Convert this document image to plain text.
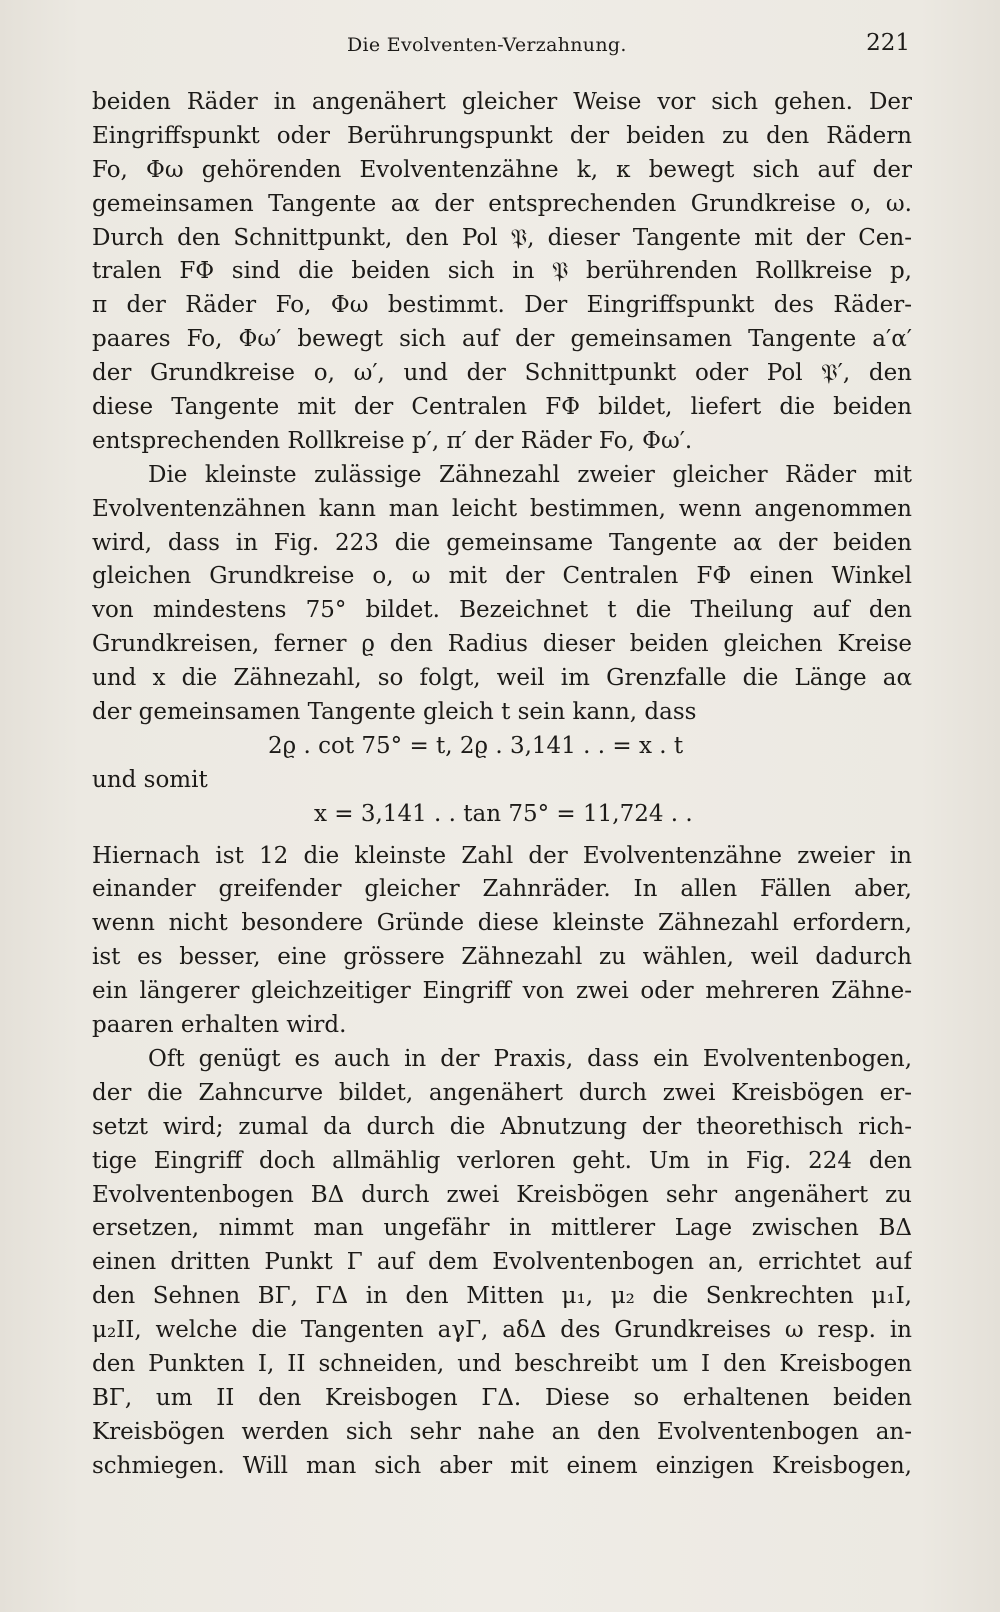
Die Evolventen-Verzahnung.	221
beiden Räder in angenähert gleicher Weise vor sich gehen. Der
Eingriffspunkt oder Berührungspunkt der beiden zu den Rädern
Fo, Φω gehörenden Evolventenzähne k, κ bewegt sich auf der
gemeinsamen Tangente aα der entsprechenden Grundkreise o, ω.
Durch den Schnittpunkt, den Pol 𝔓, dieser Tangente mit der Cen-
tralen FΦ sind die beiden sich in 𝔓 berührenden Rollkreise p,
π der Räder Fo, Φω bestimmt. Der Eingriffspunkt des Räder-
paares Fo, Φω′ bewegt sich auf der gemeinsamen Tangente a′α′
der Grundkreise o, ω′, und der Schnittpunkt oder Pol 𝔓′, den
diese Tangente mit der Centralen FΦ bildet, liefert die beiden
entsprechenden Rollkreise p′, π′ der Räder Fo, Φω′.
Die kleinste zulässige Zähnezahl zweier gleicher Räder mit
Evolventenzähnen kann man leicht bestimmen, wenn angenommen
wird, dass in Fig. 223 die gemeinsame Tangente aα der beiden
gleichen Grundkreise o, ω mit der Centralen FΦ einen Winkel
von mindestens 75° bildet. Bezeichnet t die Theilung auf den
Grundkreisen, ferner ϱ den Radius dieser beiden gleichen Kreise
und x die Zähnezahl, so folgt, weil im Grenzfalle die Länge aα
der gemeinsamen Tangente gleich t sein kann, dass
2ϱ . cot 75° = t, 2ϱ . 3,141 . . = x . t
und somit
x = 3,141 . . tan 75° = 11,724 . .
Hiernach ist 12 die kleinste Zahl der Evolventenzähne zweier in
einander greifender gleicher Zahnräder. In allen Fällen aber,
wenn nicht besondere Gründe diese kleinste Zähnezahl erfordern,
ist es besser, eine grössere Zähnezahl zu wählen, weil dadurch
ein längerer gleichzeitiger Eingriff von zwei oder mehreren Zähne-
paaren erhalten wird.
Oft genügt es auch in der Praxis, dass ein Evolventenbogen,
der die Zahncurve bildet, angenähert durch zwei Kreisbögen er-
setzt wird; zumal da durch die Abnutzung der theorethisch rich-
tige Eingriff doch allmählig verloren geht. Um in Fig. 224 den
Evolventenbogen ΒΔ durch zwei Kreisbögen sehr angenähert zu
ersetzen, nimmt man ungefähr in mittlerer Lage zwischen ΒΔ
einen dritten Punkt Γ auf dem Evolventenbogen an, errichtet auf
den Sehnen ΒΓ, ΓΔ in den Mitten μ₁, μ₂ die Senkrechten μ₁I,
μ₂II, welche die Tangenten aγΓ, aδΔ des Grundkreises ω resp. in
den Punkten I, II schneiden, und beschreibt um I den Kreisbogen
ΒΓ, um II den Kreisbogen ΓΔ. Diese so erhaltenen beiden
Kreisbögen werden sich sehr nahe an den Evolventenbogen an-
schmiegen. Will man sich aber mit einem einzigen Kreisbogen,
